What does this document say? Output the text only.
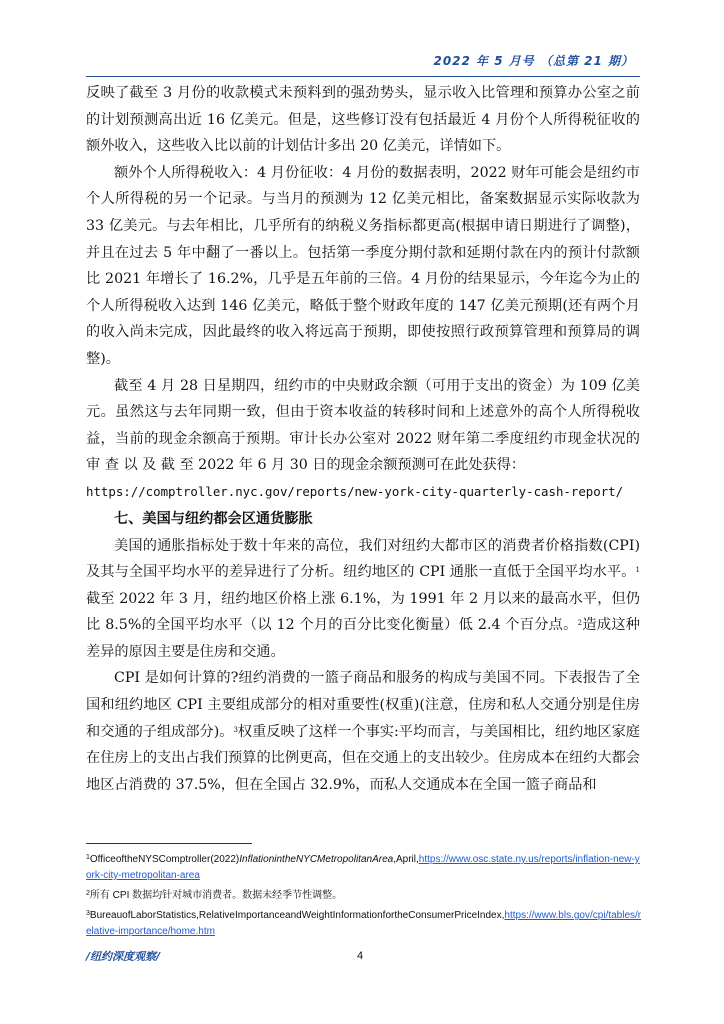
2022 年 5 月号 （总第 21 期）

反映了截至 3 月份的收款模式未预料到的强劲势头，显示收入比管理和预算办公室之前的计划预测高出近 16 亿美元。但是，这些修订没有包括最近 4 月份个人所得税征收的额外收入，这些收入比以前的计划估计多出 20 亿美元，详情如下。

额外个人所得税收入：4 月份征收：4 月份的数据表明，2022 财年可能会是纽约市个人所得税的另一个记录。与当月的预测为 12 亿美元相比，备案数据显示实际收款为 33 亿美元。与去年相比，几乎所有的纳税义务指标都更高(根据申请日期进行了调整)，并且在过去 5 年中翻了一番以上。包括第一季度分期付款和延期付款在内的预计付款额比 2021 年增长了 16.2%，几乎是五年前的三倍。4 月份的结果显示，今年迄今为止的个人所得税收入达到 146 亿美元，略低于整个财政年度的 147 亿美元预期(还有两个月的收入尚未完成，因此最终的收入将远高于预期，即使按照行政预算管理和预算局的调整)。

截至 4 月 28 日星期四，纽约市的中央财政余额（可用于支出的资金）为 109 亿美元。虽然这与去年同期一致，但由于资本收益的转移时间和上述意外的高个人所得税收益，当前的现金余额高于预期。审计长办公室对 2022 财年第二季度纽约市现金状况的审 查 以 及 截 至 2022 年 6 月 30 日的现金余额预测可在此处获得：

https://comptroller.nyc.gov/reports/new-york-city-quarterly-cash-report/

七、美国与纽约都会区通货膨胀

美国的通胀指标处于数十年来的高位，我们对纽约大都市区的消费者价格指数(CPI)及其与全国平均水平的差异进行了分析。纽约地区的 CPI 通胀一直低于全国平均水平。$^1$截至 2022 年 3 月，纽约地区价格上涨 6.1%，为 1991 年 2 月以来的最高水平，但仍比 8.5%的全国平均水平（以 12 个月的百分比变化衡量）低 2.4 个百分点。$^2$造成这种差异的原因主要是住房和交通。

CPI 是如何计算的?纽约消费的一篮子商品和服务的构成与美国不同。下表报告了全国和纽约地区 CPI 主要组成部分的相对重要性(权重)(注意，住房和私人交通分别是住房和交通的子组成部分)。$^3$权重反映了这样一个事实:平均而言，与美国相比，纽约地区家庭在住房上的支出占我们预算的比例更高，但在交通上的支出较少。住房成本在纽约大都会地区占消费的 37.5%，但在全国占 32.9%，而私人交通成本在全国一篮子商品和

$^1$OfficeoftheNYSComptroller(2022)InflationintheNYCMetropolitanArea,April,https://www.osc.state.ny.us/reports/inflation-new-york-city-metropolitan-area
$^2$所有 CPI 数据均针对城市消费者。数据未经季节性调整。
$^3$BureauofLaborStatistics,RelativeImportanceandWeightInformationfortheConsumerPriceIndex,https://www.bls.gov/cpi/tables/relative-importance/home.htm
/纽约深度观察/	4
